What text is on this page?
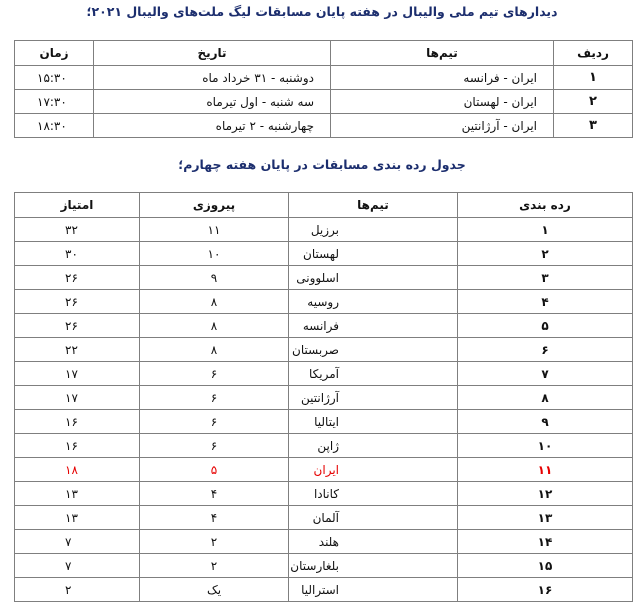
دیدارهای تیم ملی والیبال در هفته پایان مسابقات لیگ ملت‌های والیبال ۲۰۲۱؛
ردیف	تیم‌ها	تاریخ	زمان
۱	ایران - فرانسه	دوشنبه - ۳۱ خرداد ماه	۱۵:۳۰
۲	ایران - لهستان	سه شنبه - اول تیرماه	۱۷:۳۰
۳	ایران - آرژانتین	چهارشنبه - ۲ تیرماه	۱۸:۳۰
جدول رده بندی مسابقات در پایان هفته چهارم؛
رده بندی	تیم‌ها	پیروزی	امتیاز
۱	برزیل	۱۱	۳۲
۲	لهستان	۱۰	۳۰
۳	اسلوونی	۹	۲۶
۴	روسیه	۸	۲۶
۵	فرانسه	۸	۲۶
۶	صربستان	۸	۲۲
۷	آمریکا	۶	۱۷
۸	آرژانتین	۶	۱۷
۹	ایتالیا	۶	۱۶
۱۰	ژاپن	۶	۱۶
۱۱	ایران	۵	۱۸
۱۲	کانادا	۴	۱۳
۱۳	آلمان	۴	۱۳
۱۴	هلند	۲	۷
۱۵	بلغارستان	۲	۷
۱۶	استرالیا	یک	۲
